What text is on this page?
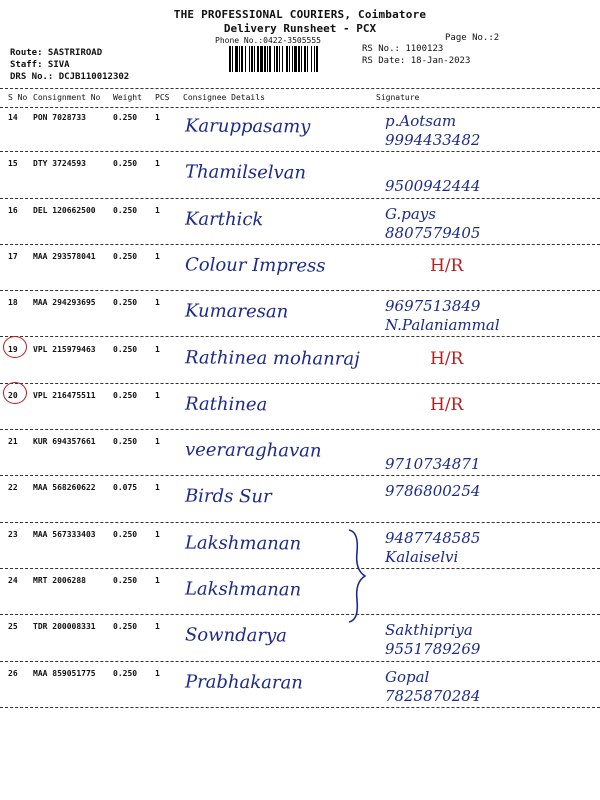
THE PROFESSIONAL COURIERS, Coimbatore
Delivery Runsheet - PCX
Phone No.:0422-3505555	Page No.:2
RS No.: 1100123
RS Date: 18-Jan-2023
Route: SASTRIROAD
Staff: SIVA
DRS No.: DCJB110012302
S No Consignment No Weight PCS Consignee Details	Signature
14 PON 7028733	0.250 1 Karuppasamy	p.Aotsam
9994433482
15 DTY 3724593	0.250 1 Thamilselvan

9500942444
16 DEL 120662500 0.250 1 Karthick	G.pays
8807579405
17 MAA 293578041 0.250 1 Colour Impress	H/R
18 MAA 294293695 0.250 1 Kumaresan	9697513849
N.Palaniammal
19 VPL 215979463 0.250 1 Rathinea mohanraj	H/R
20 VPL 216475511 0.250 1 Rathinea	H/R
21 KUR 694357661 0.250 1 veeraraghavan

9710734871
22 MAA 568260622 0.075 1 Birds Sur	9786800254
23 MAA 567333403 0.250 1 Lakshmanan	9487748585
Kalaiselvi
24 MRT 2006288	0.250 1 Lakshmanan
25 TDR 200008331 0.250 1 Sowndarya	Sakthipriya
9551789269
26 MAA 859051775 0.250 1 Prabhakaran	Gopal
7825870284
